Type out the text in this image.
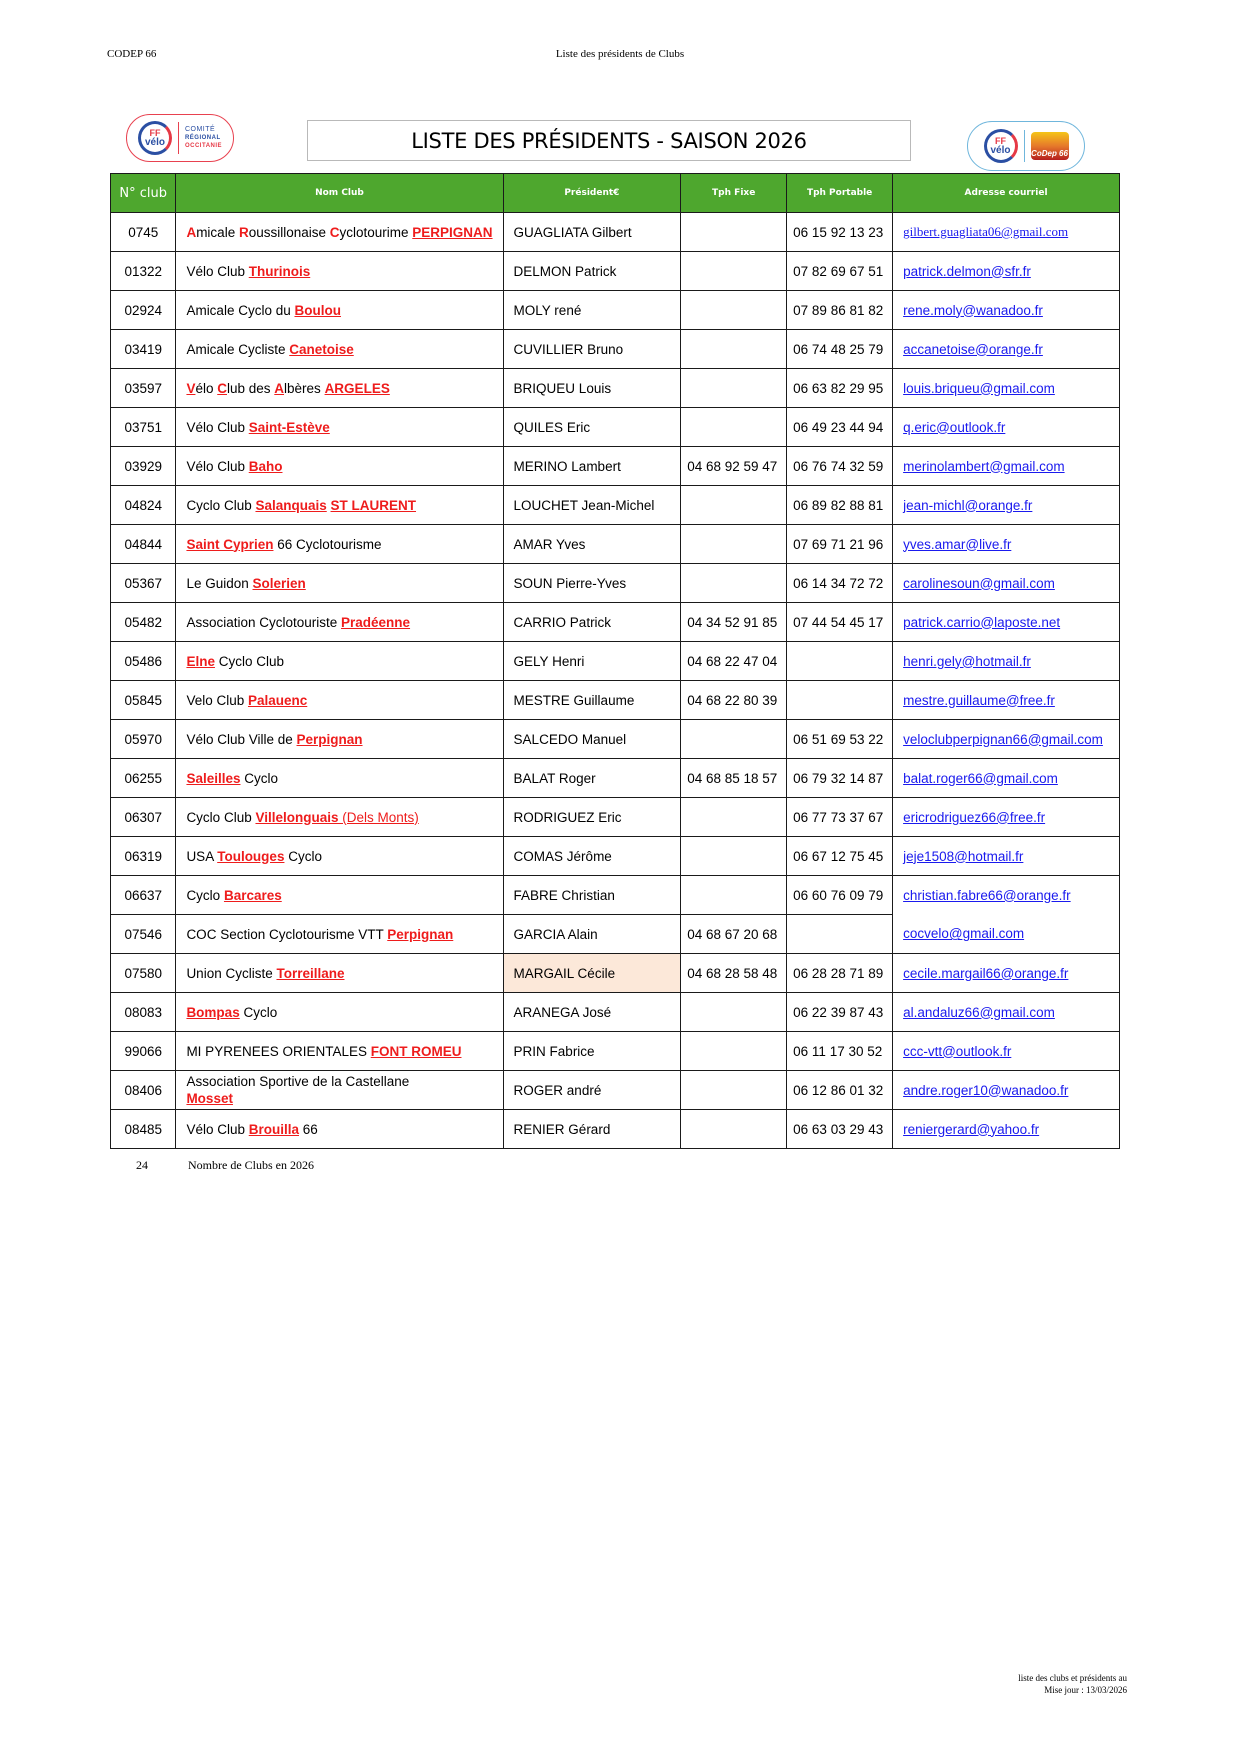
CODEP 66	Liste des présidents de Clubs
FF
vélo
COMITÉ
RÉGIONAL
OCCITANIE	LISTE DES PRÉSIDENTS - SAISON 2026	FF
vélo	CoDep 66
N° club	Nom Club	Président€	Tph Fixe	Tph Portable	Adresse courriel
0745	Amicale Roussillonaise Cyclotourime PERPIGNAN	GUAGLIATA Gilbert		06 15 92 13 23	gilbert.guagliata06@gmail.com
01322	Vélo Club Thurinois	DELMON Patrick		07 82 69 67 51	patrick.delmon@sfr.fr
02924	Amicale Cyclo du Boulou	MOLY rené		07 89 86 81 82	rene.moly@wanadoo.fr
03419	Amicale Cycliste Canetoise	CUVILLIER Bruno		06 74 48 25 79	accanetoise@orange.fr
03597	Vélo Club des Albères ARGELES	BRIQUEU Louis		06 63 82 29 95	louis.briqueu@gmail.com
03751	Vélo Club Saint-Estève	QUILES Eric		06 49 23 44 94	q.eric@outlook.fr
03929	Vélo Club Baho	MERINO Lambert	04 68 92 59 47	06 76 74 32 59	merinolambert@gmail.com
04824	Cyclo Club Salanquais ST LAURENT	LOUCHET Jean-Michel		06 89 82 88 81	jean-michl@orange.fr
04844	Saint Cyprien 66 Cyclotourisme	AMAR Yves		07 69 71 21 96	yves.amar@live.fr
05367	Le Guidon Solerien	SOUN Pierre-Yves		06 14 34 72 72	carolinesoun@gmail.com
05482	Association Cyclotouriste Pradéenne	CARRIO Patrick	04 34 52 91 85	07 44 54 45 17	patrick.carrio@laposte.net
05486	Elne Cyclo Club	GELY Henri	04 68 22 47 04		henri.gely@hotmail.fr
05845	Velo Club Palauenc	MESTRE Guillaume	04 68 22 80 39		mestre.guillaume@free.fr
05970	Vélo Club Ville de Perpignan	SALCEDO Manuel		06 51 69 53 22	veloclubperpignan66@gmail.com
06255	Saleilles Cyclo	BALAT Roger	04 68 85 18 57	06 79 32 14 87	balat.roger66@gmail.com
06307	Cyclo Club Villelonguais (Dels Monts)	RODRIGUEZ Eric		06 77 73 37 67	ericrodriguez66@free.fr
06319	USA Toulouges Cyclo	COMAS Jérôme		06 67 12 75 45	jeje1508@hotmail.fr
06637	Cyclo Barcares	FABRE Christian		06 60 76 09 79	christian.fabre66@orange.fr
07546	COC Section Cyclotourisme VTT Perpignan	GARCIA Alain	04 68 67 20 68		cocvelo@gmail.com
07580	Union Cycliste Torreillane	MARGAIL Cécile	04 68 28 58 48	06 28 28 71 89	cecile.margail66@orange.fr
08083	Bompas Cyclo	ARANEGA José		06 22 39 87 43	al.andaluz66@gmail.com
99066	MI PYRENEES ORIENTALES FONT ROMEU	PRIN Fabrice		06 11 17 30 52	ccc-vtt@outlook.fr
08406	Association Sportive de la Castellane
Mosset	ROGER andré		06 12 86 01 32	andre.roger10@wanadoo.fr
08485	Vélo Club Brouilla 66	RENIER Gérard		06 63 03 29 43	reniergerard@yahoo.fr
24	Nombre de Clubs en 2026
liste des clubs et présidents au
Mise jour : 13/03/2026
